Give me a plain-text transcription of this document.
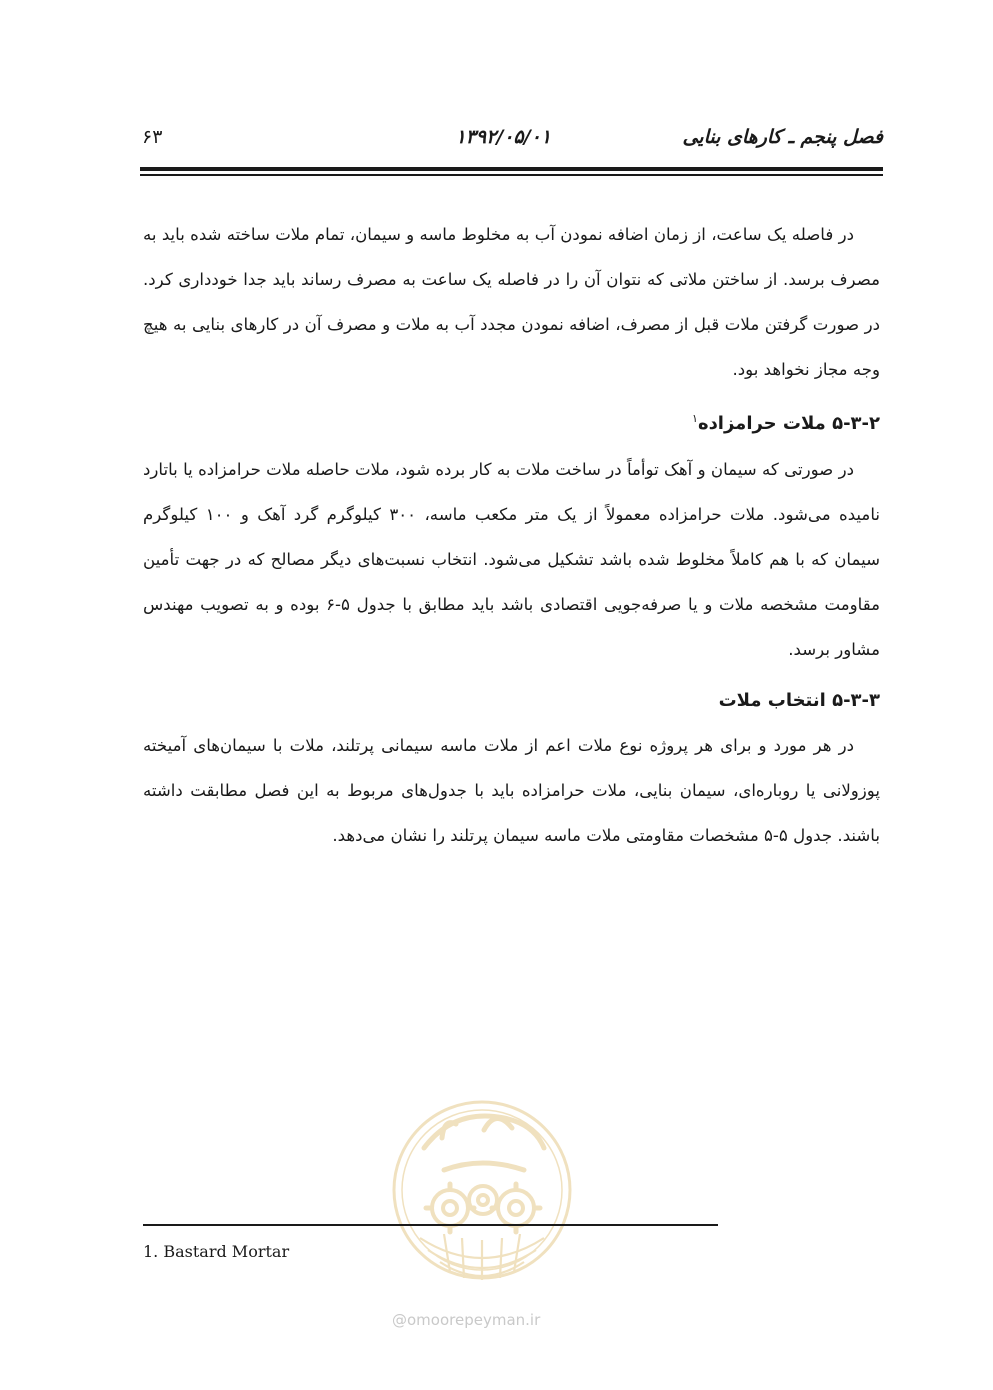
فصل پنجم ـ کارهای بنایی
۱۳۹۲/۰۵/۰۱
۶۳

در فاصله یک ساعت، از زمان اضافه نمودن آب به مخلوط ماسه و سیمان، تمام ملات ساخته شده باید به مصرف برسد. از ساختن ملاتی که نتوان آن را در فاصله یک ساعت به مصرف رساند باید جدا خودداری کرد. در صورت گرفتن ملات قبل از مصرف، اضافه نمودن مجدد آب به ملات و مصرف آن در کارهای بنایی به هیچ وجه مجاز نخواهد بود.

۵-۳-۲ ملات حرامزاده$^۱$

در صورتی که سیمان و آهک توأماً در ساخت ملات به کار برده شود، ملات حاصله ملات حرامزاده یا باتارد نامیده می‌شود. ملات حرامزاده معمولاً از یک متر مکعب ماسه، ۳۰۰ کیلوگرم گرد آهک و ۱۰۰ کیلوگرم سیمان که با هم کاملاً مخلوط شده باشد تشکیل می‌شود. انتخاب نسبت‌های دیگر مصالح که در جهت تأمین مقاومت مشخصه ملات و یا صرفه‌جویی اقتصادی باشد باید مطابق با جدول ۵-۶ بوده و به تصویب مهندس مشاور برسد.

۵-۳-۳ انتخاب ملات

در هر مورد و برای هر پروژه نوع ملات اعم از ملات ماسه سیمانی پرتلند، ملات با سیمان‌های آمیخته پوزولانی یا روباره‌ای، سیمان بنایی، ملات حرامزاده باید با جدول‌های مربوط به این فصل مطابقت داشته باشند. جدول ۵-۵ مشخصات مقاومتی ملات ماسه سیمان پرتلند را نشان می‌دهد.

@omoorepeyman.ir
1. Bastard Mortar
